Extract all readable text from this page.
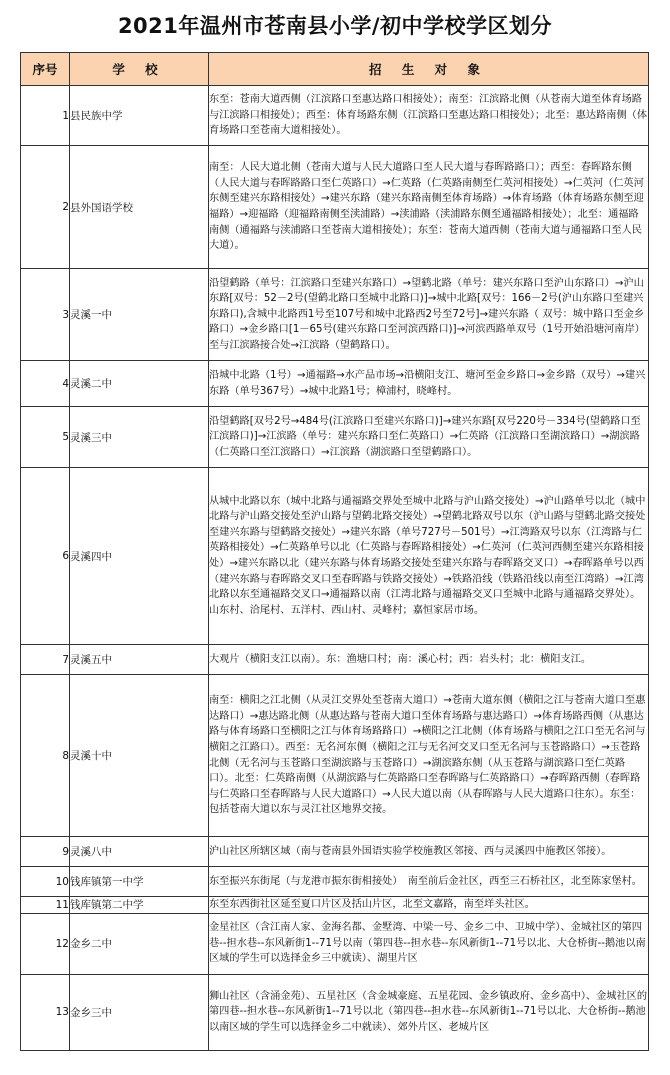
2021年温州市苍南县小学/初中学校学区划分
序号	学 校	招 生 对 象
1	县民族中学	东至：苍南大道西侧（江滨路口至惠达路口相接处）；南至：江滨路北侧（从苍南大道至体育场路与江滨路口相接处）；西至：体育场路东侧（江滨路口至惠达路口相接处）；北至：惠达路南侧（体育场路口至苍南大道相接处）。
2	县外国语学校	南至：人民大道北侧（苍南大道与人民大道路口至人民大道与春晖路路口）；西至：春晖路东侧（人民大道与春晖路路口至仁英路口）→仁英路（仁英路南侧至仁英河相接处）→仁英河（仁英河东侧至建兴东路相接处）→建兴东路（建兴东路南侧至体育场路）→体育场路（体育场路东侧至迎福路）→迎福路（迎福路南侧至渎浦路）→渎浦路（渎浦路东侧至通福路相接处）；北至：通福路南侧（通福路与渎浦路口至苍南大道相接处）；东至：苍南大道西侧（苍南大道与通福路口至人民大道）。
3	灵溪一中	沿望鹤路（单号：江滨路口至建兴东路口）→望鹤北路（单号：建兴东路口至沪山东路口）→沪山东路[双号：52－2号(望鹤北路口至城中北路口)]→城中北路[双号：166－2号(沪山东路口至建兴东路口),含城中北路西1号至107号和城中北路西2号至72号]→建兴东路（ 双号：城中路口至金乡路口）→金乡路口[1－65号(建兴东路口至河滨西路口)]→河滨西路单双号（1号开始沿塘河南岸）至与江滨路接合处→江滨路（望鹤路口）。
4	灵溪二中	沿城中北路（1号）→通福路→水产品市场→沿横阳支江、塘河至金乡路口→金乡路（双号）→建兴东路（单号367号）→城中北路1号；樟浦村，晓峰村。
5	灵溪三中	沿望鹤路[双号2号→484号(江滨路口至建兴东路口)]→建兴东路[双号220号－334号(望鹤路口至江滨路口)]→江滨路（单号：建兴东路口至仁英路口）→仁英路（江滨路口至湖滨路口）→湖滨路（仁英路口至江滨路口）→江滨路（湖滨路口至望鹤路口）。
6	灵溪四中	从城中北路以东（城中北路与通福路交界处至城中北路与沪山路交接处）→沪山路单号以北（城中北路与沪山路交接处至沪山路与望鹤北路交接处）→望鹤北路双号以东（沪山路与望鹤北路交接处至建兴东路与望鹤路交接处）→建兴东路（单号727号－501号）→江湾路双号以东（江湾路与仁英路相接处）→仁英路单号以北（仁英路与春晖路相接处）→仁英河（仁英河西侧至建兴东路相接处）→建兴东路以北（建兴东路与体育场路交接处至建兴东路与春晖路交叉口）→春晖路单号以西（建兴东路与春晖路交叉口至春晖路与铁路交接处）→铁路沿线（铁路沿线以南至江湾路）→江湾北路以东至通福路交叉口→通福路以南（江湾北路与通福路交叉口至城中北路与通福路交界处）。山东村、洽尾村、五洋村、西山村、灵峰村；嘉恒家居市场。
7	灵溪五中	大观片（横阳支江以南）。东：渔塘口村；南：溪心村；西：岩头村；北：横阳支江。
8	灵溪十中	南至：横阳之江北侧（从灵江交界处至苍南大道口）→苍南大道东侧（横阳之江与苍南大道口至惠达路口）→惠达路北侧（从惠达路与苍南大道口至体育场路与惠达路口）→体育场路西侧（从惠达路与体育场路口至横阳之江与体育场路路口）→横阳之江北侧（体育场路与横阳之江口至无名河与横阳之江路口）。西至：无名河东侧（横阳之江与无名河交叉口至无名河与玉苍路路口）→玉苍路北侧（无名河与玉苍路口至湖滨路与玉苍路口）→湖滨路东侧（从玉苍路与湖滨路口至仁英路口）。北至：仁英路南侧（从湖滨路与仁英路路口至春晖路与仁英路路口）→春晖路西侧（春晖路与仁英路口至春晖路与人民大道路口）→人民大道以南（从春晖路与人民大道路口往东）。东至：包括苍南大道以东与灵江社区地界交接。
9	灵溪八中	沪山社区所辖区域（南与苍南县外国语实验学校施教区邻接、西与灵溪四中施教区邻接）。
10	钱库镇第一中学	东至振兴东街尾（与龙港市振东街相接处）　南至前后金社区，西至三石桥社区，北至陈家堡村。
11	钱库镇第二中学	东至东西街社区延至夏口片区及括山片区，北至文嘉路，南至垟头社区。
12	金乡二中	金星社区（含江南人家、金海名都、金墅湾、中梁一号、金乡二中、卫城中学）、金城社区的第四巷--担水巷--东风新街1--71号以南（第四巷--担水巷--东风新街1--71号以北、大仓桥街--鹅池以南区域的学生可以选择金乡三中就读）、湖里片区
13	金乡三中	狮山社区（含涌金苑）、五星社区（含金城豪庭、五星花园、金乡镇政府、金乡高中）、金城社区的第四巷--担水巷--东风新街1--71号以北（第四巷--担水巷--东风新街1--71号以北、大仓桥街--鹅池以南区域的学生可以选择金乡二中就读）、郊外片区、老城片区
